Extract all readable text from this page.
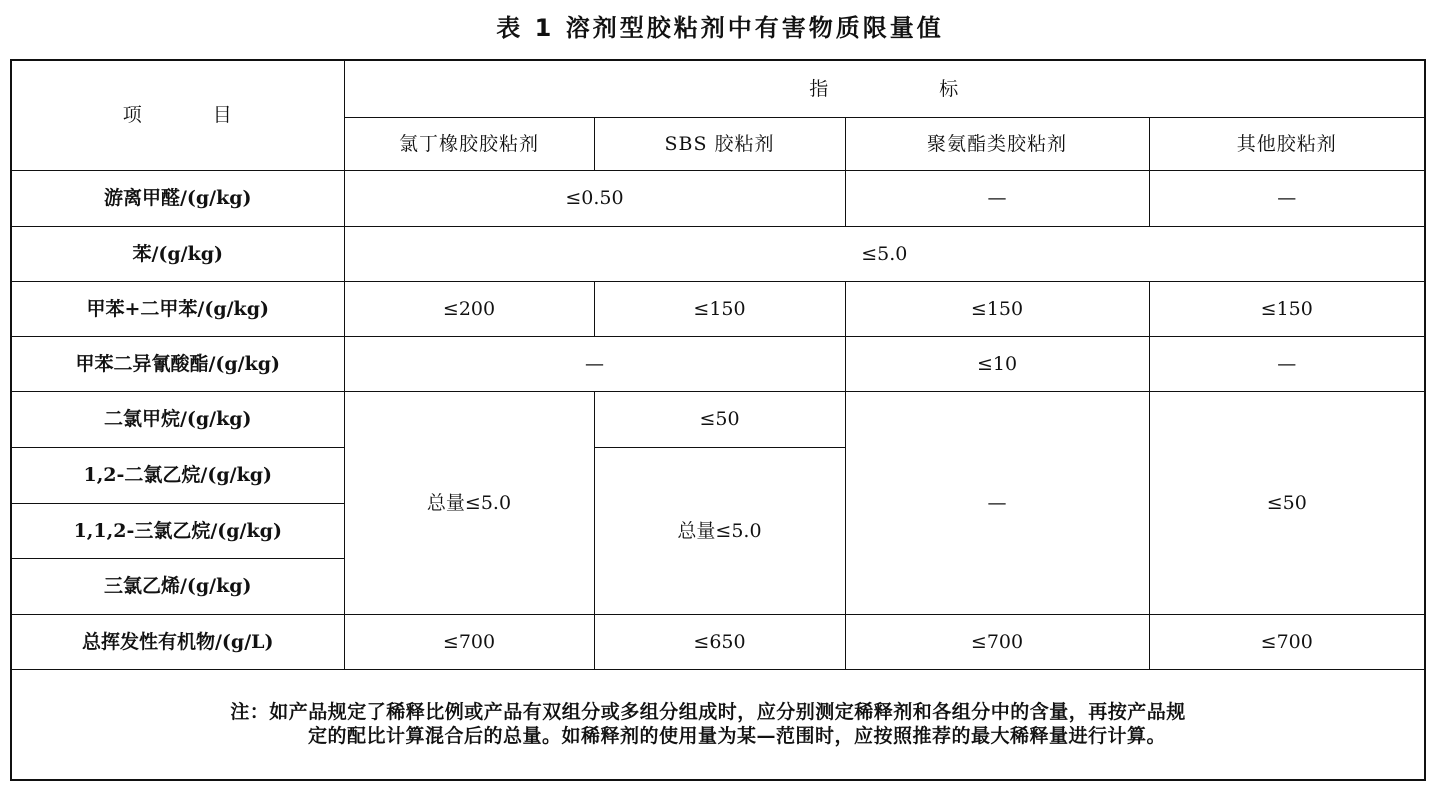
表 1 溶剂型胶粘剂中有害物质限量值
项 目	指 标			
	氯丁橡胶胶粘剂	SBS 胶粘剂	聚氨酯类胶粘剂	其他胶粘剂
游离甲醛/(g/kg)	≤0.50		—	—
苯/(g/kg)	≤5.0			
甲苯+二甲苯/(g/kg)	≤200	≤150	≤150	≤150
甲苯二异氰酸酯/(g/kg)	—		≤10	—
二氯甲烷/(g/kg)	总量≤5.0	≤50	—	≤50
1,2-二氯乙烷/(g/kg)		总量≤5.0		
1,1,2-三氯乙烷/(g/kg)				
三氯乙烯/(g/kg)				
总挥发性有机物/(g/L)	≤700	≤650	≤700	≤700
注：如产品规定了稀释比例或产品有双组分或多组分组成时，应分别测定稀释剂和各组分中的含量，再按产品规
定的配比计算混合后的总量。如稀释剂的使用量为某—范围时，应按照推荐的最大稀释量进行计算。				
